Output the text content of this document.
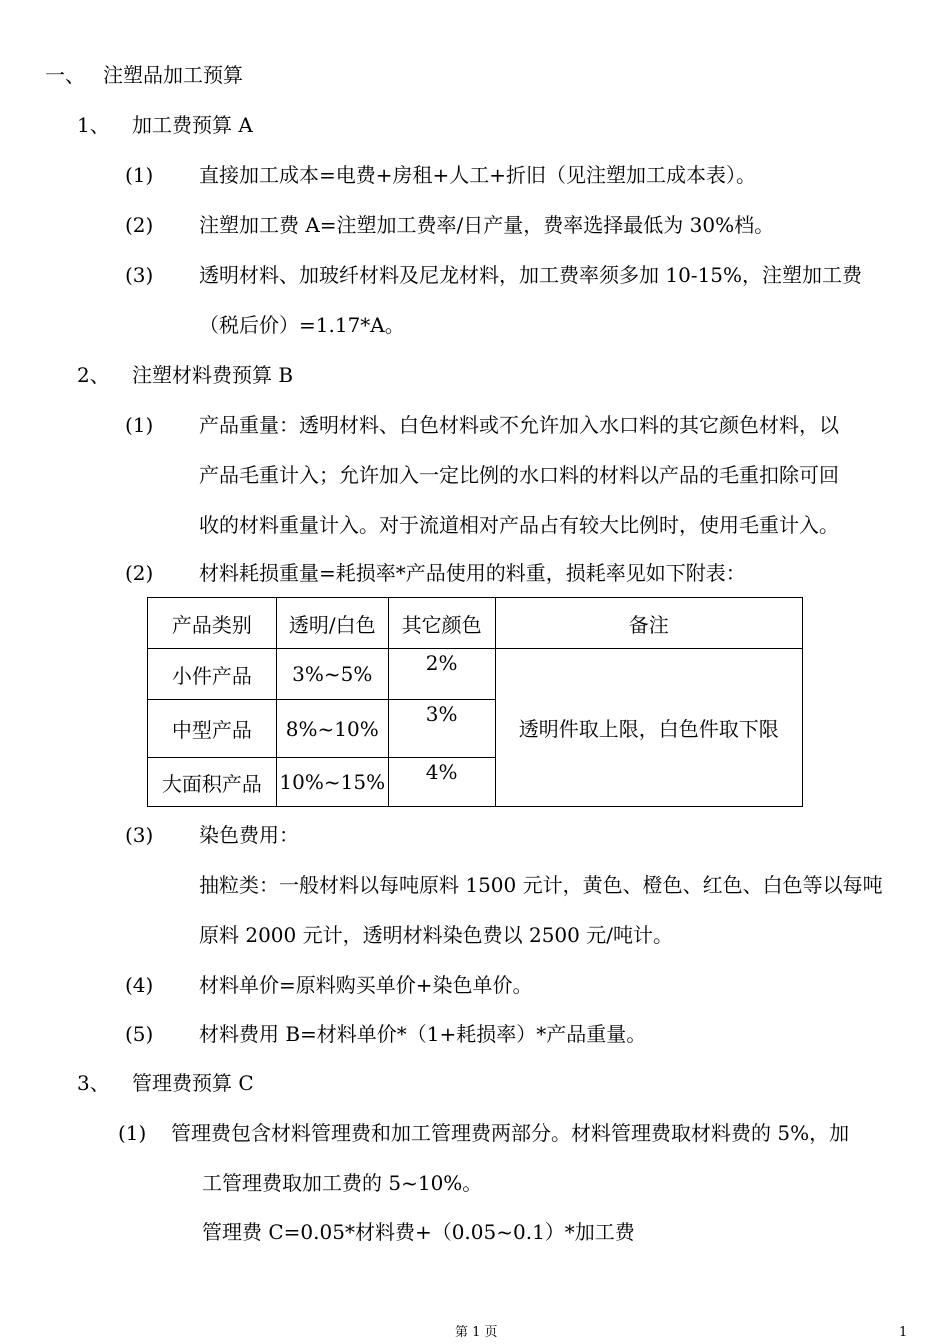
一、 注塑品加工预算
1、 加工费预算 A
(1) 直接加工成本=电费+房租+人工+折旧（见注塑加工成本表）。
(2) 注塑加工费 A=注塑加工费率/日产量，费率选择最低为 30%档。
(3) 透明材料、加玻纤材料及尼龙材料，加工费率须多加 10-15%，注塑加工费
（税后价）=1.17*A。
2、 注塑材料费预算 B
(1) 产品重量：透明材料、白色材料或不允许加入水口料的其它颜色材料，以
产品毛重计入；允许加入一定比例的水口料的材料以产品的毛重扣除可回
收的材料重量计入。对于流道相对产品占有较大比例时，使用毛重计入。
(2) 材料耗损重量=耗损率*产品使用的料重，损耗率见如下附表：
产品类别	透明/白色	其它颜色	备注
小件产品	3%~5%	2%	透明件取上限，白色件取下限
中型产品	8%~10%	3%	
大面积产品	10%~15%	4%	
(3) 染色费用：
抽粒类：一般材料以每吨原料 1500 元计，黄色、橙色、红色、白色等以每吨
原料 2000 元计，透明材料染色费以 2500 元/吨计。
(4) 材料单价=原料购买单价+染色单价。
(5) 材料费用 B=材料单价*（1+耗损率）*产品重量。
3、 管理费预算 C
(1) 管理费包含材料管理费和加工管理费两部分。材料管理费取材料费的 5%，加
工管理费取加工费的 5~10%。
管理费 C=0.05*材料费+（0.05~0.1）*加工费
第 1 页	1
